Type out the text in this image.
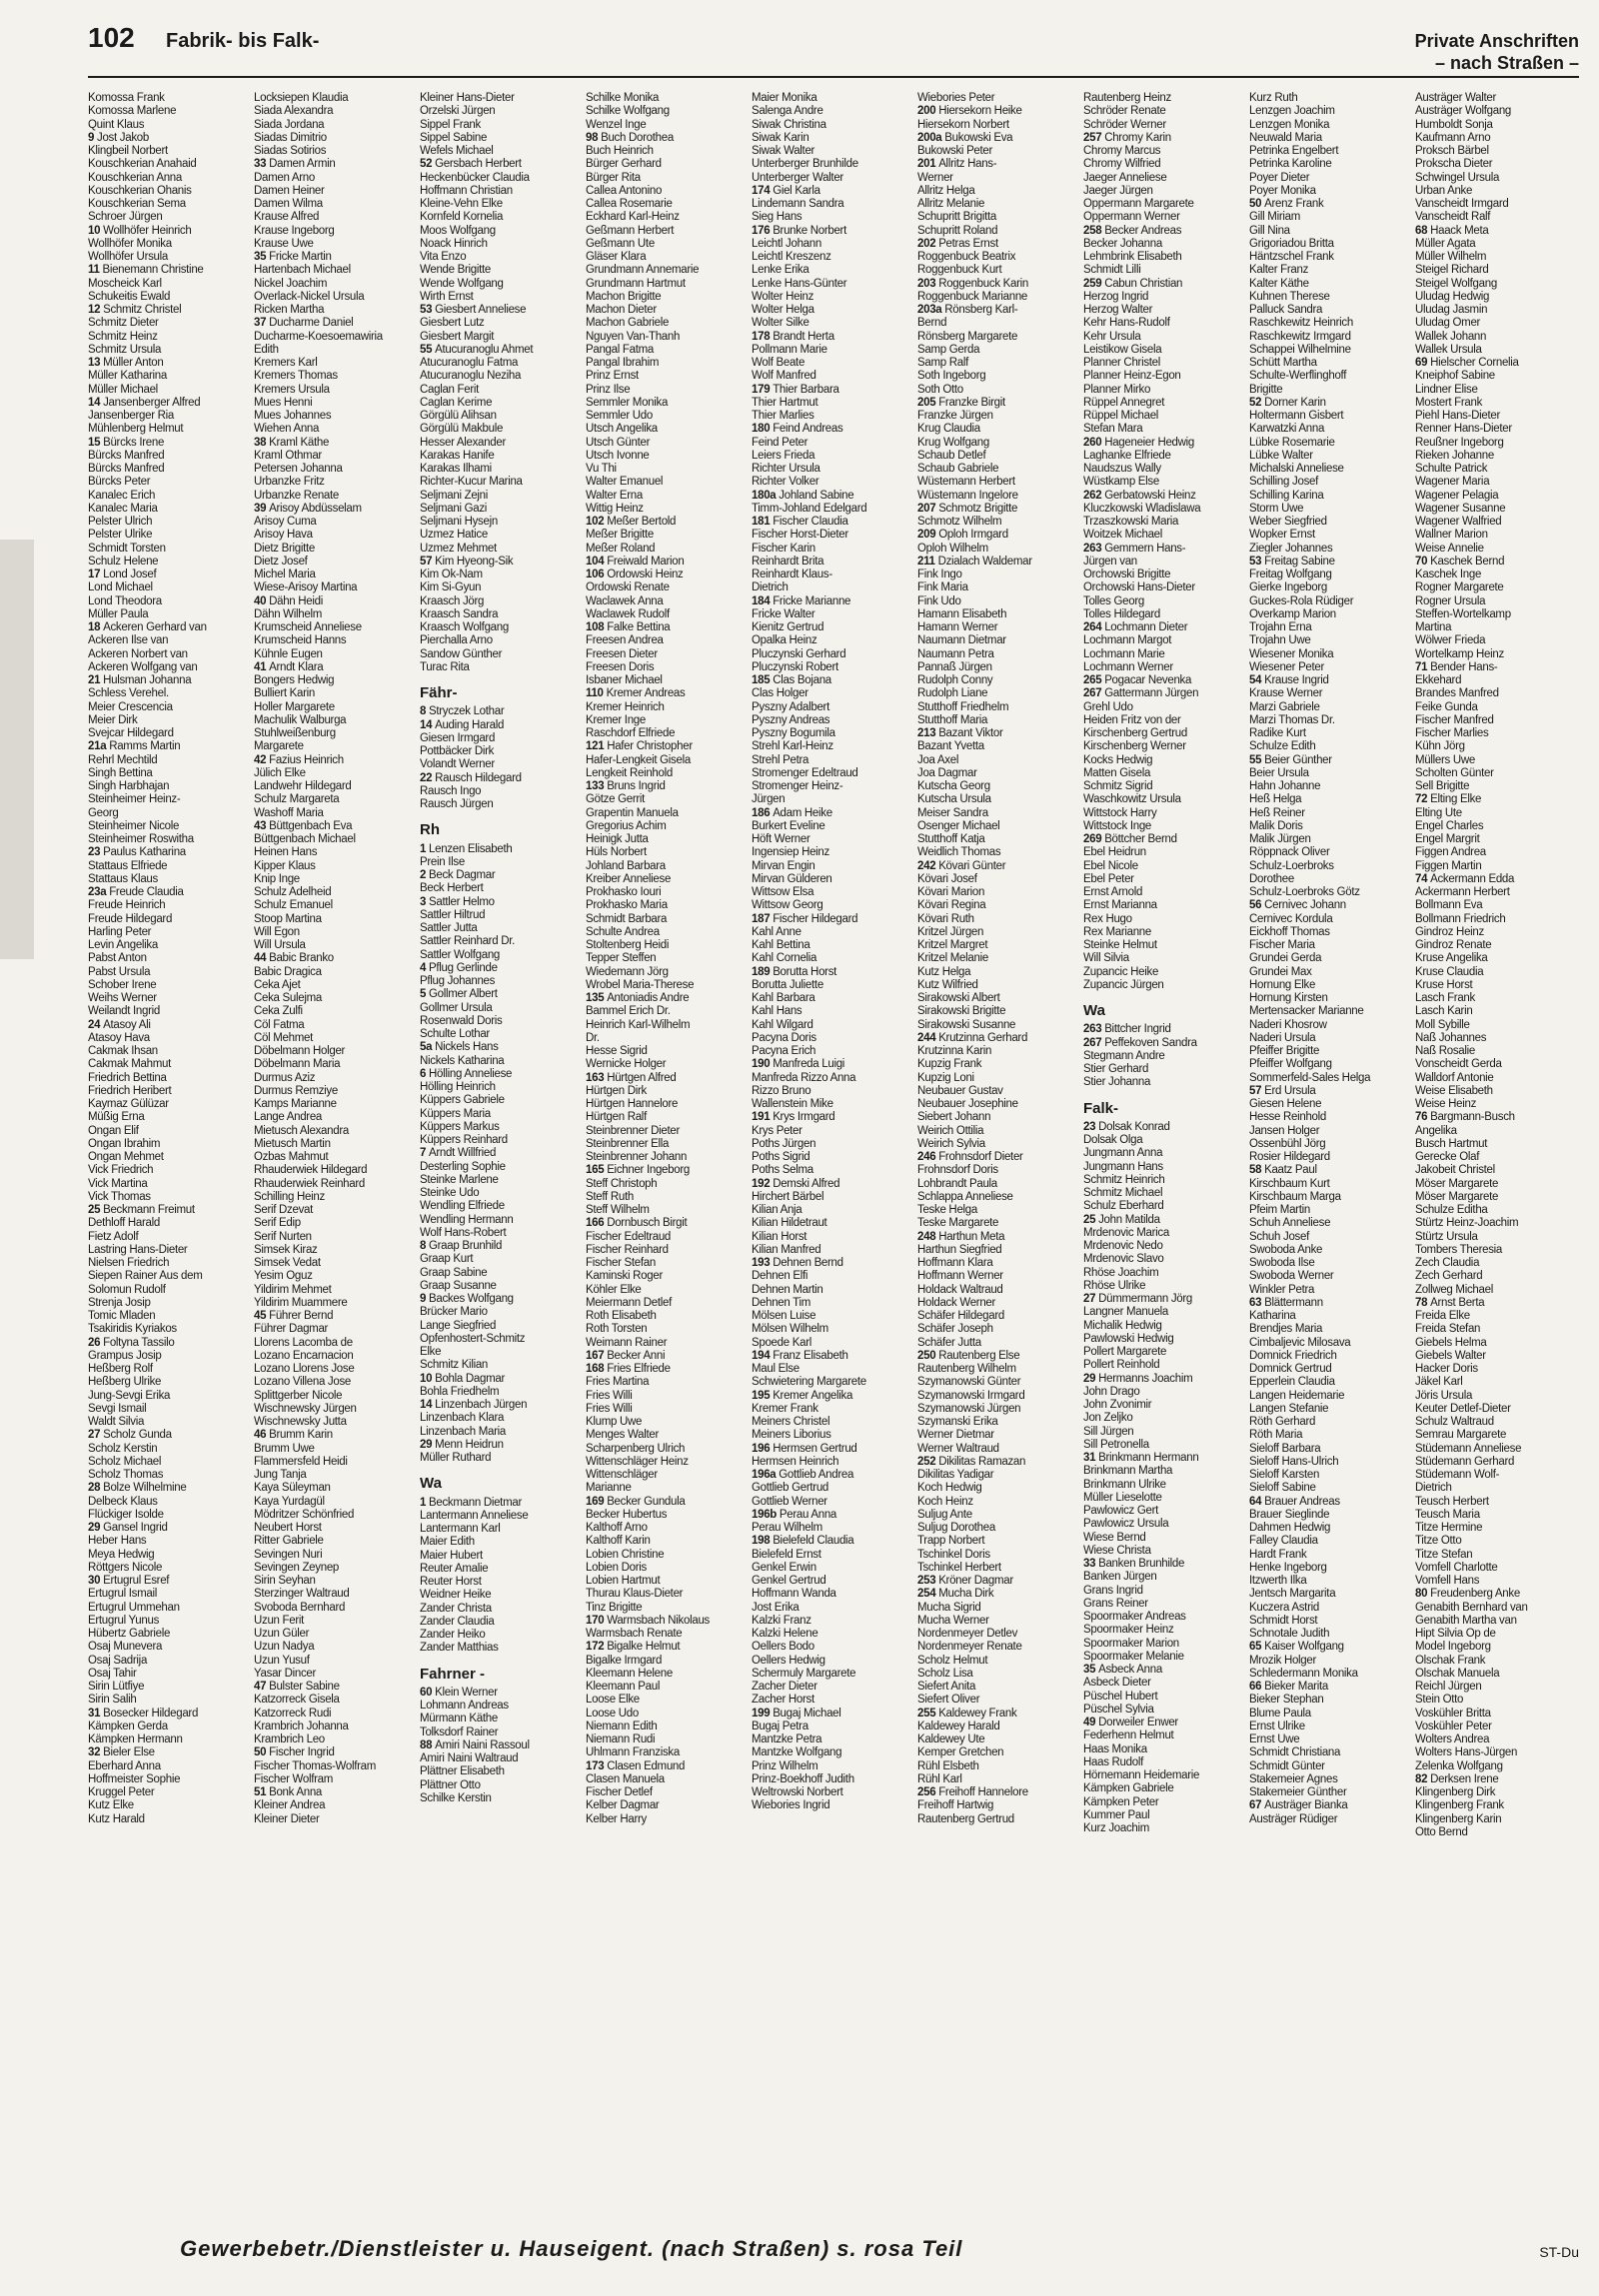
102 Fabrik- bis Falk-	Private Anschriften
– nach Straßen –
Komossa Frank
Komossa Marlene
Quint Klaus
9 Jost Jakob
Klingbeil Norbert
Kouschkerian Anahaid
Kouschkerian Anna
Kouschkerian Ohanis
Kouschkerian Sema
Schroer Jürgen
10 Wollhöfer Heinrich
Wollhöfer Monika
Wollhöfer Ursula
11 Bienemann Christine
Moscheick Karl
Schukeitis Ewald
12 Schmitz Christel
Schmitz Dieter
Schmitz Heinz
Schmitz Ursula
13 Müller Anton
Müller Katharina
Müller Michael
14 Jansenberger Alfred
Jansenberger Ria
Mühlenberg Helmut
15 Bürcks Irene
Bürcks Manfred
Bürcks Manfred
Bürcks Peter
Kanalec Erich
Kanalec Maria
Pelster Ulrich
Pelster Ulrike
Schmidt Torsten
Schulz Helene
17 Lond Josef
Lond Michael
Lond Theodora
Müller Paula
18 Ackeren Gerhard van
Ackeren Ilse van
Ackeren Norbert van
Ackeren Wolfgang van
21 Hulsman Johanna
Schless Verehel.
Meier Crescencia
Meier Dirk
Svejcar Hildegard
21a Ramms Martin
Rehrl Mechtild
Singh Bettina
Singh Harbhajan
Steinheimer Heinz-
Georg
Steinheimer Nicole
Steinheimer Roswitha
23 Paulus Katharina
Stattaus Elfriede
Stattaus Klaus
23a Freude Claudia
Freude Heinrich
Freude Hildegard
Harling Peter
Levin Angelika
Pabst Anton
Pabst Ursula
Schober Irene
Weihs Werner
Weilandt Ingrid
24 Atasoy Ali
Atasoy Hava
Cakmak Ihsan
Cakmak Mahmut
Friedrich Bettina
Friedrich Heribert
Kaymaz Gülüzar
Müßig Erna
Ongan Elif
Ongan Ibrahim
Ongan Mehmet
Vick Friedrich
Vick Martina
Vick Thomas
25 Beckmann Freimut
Dethloff Harald
Fietz Adolf
Lastring Hans-Dieter
Nielsen Friedrich
Siepen Rainer Aus dem
Solomun Rudolf
Strenja Josip
Tomic Mladen
Tsakiridis Kyriakos
26 Foltyna Tassilo
Grampus Josip
Heßberg Rolf
Heßberg Ulrike
Jung-Sevgi Erika
Sevgi Ismail
Waldt Silvia
27 Scholz Gunda
Scholz Kerstin
Scholz Michael
Scholz Thomas
28 Bolze Wilhelmine
Delbeck Klaus
Flückiger Isolde
29 Gansel Ingrid
Heber Hans
Meya Hedwig
Röttgers Nicole
30 Ertugrul Esref
Ertugrul Ismail
Ertugrul Ümmehan
Ertugrul Yunus
Hübertz Gabriele
Osaj Munevera
Osaj Sadrija
Osaj Tahir
Sirin Lütfiye
Sirin Salih
31 Bosecker Hildegard
Kämpken Gerda
Kämpken Hermann
32 Bieler Else
Eberhard Anna
Hoffmeister Sophie
Kruggel Peter
Kutz Elke
Kutz Harald
Locksiepen Klaudia
Siada Alexandra
Siada Jordana
Siadas Dimitrio
Siadas Sotirios
33 Damen Armin
Damen Arno
Damen Heiner
Damen Wilma
Krause Alfred
Krause Ingeborg
Krause Uwe
35 Fricke Martin
Hartenbach Michael
Nickel Joachim
Overlack-Nickel Ursula
Ricken Martha
37 Ducharme Daniel
Ducharme-Koesoemawiria
Edith
Kremers Karl
Kremers Thomas
Kremers Ursula
Mues Henni
Mues Johannes
Wiehen Anna
38 Kraml Käthe
Kraml Othmar
Petersen Johanna
Urbanzke Fritz
Urbanzke Renate
39 Arisoy Abdüsselam
Arisoy Cuma
Arisoy Hava
Dietz Brigitte
Dietz Josef
Michel Maria
Wiese-Arisoy Martina
40 Dähn Heidi
Dähn Wilhelm
Krumscheid Anneliese
Krumscheid Hanns
Kühnle Eugen
41 Arndt Klara
Bongers Hedwig
Bulliert Karin
Holler Margarete
Machulik Walburga
Stuhlweißenburg
Margarete
42 Fazius Heinrich
Jülich Elke
Landwehr Hildegard
Schulz Margareta
Washoff Maria
43 Büttgenbach Eva
Büttgenbach Michael
Heinen Hans
Kipper Klaus
Knip Inge
Schulz Adelheid
Schulz Emanuel
Stoop Martina
Will Egon
Will Ursula
44 Babic Branko
Babic Dragica
Ceka Ajet
Ceka Sulejma
Ceka Zulfi
Cöl Fatma
Cöl Mehmet
Döbelmann Holger
Döbelmann Maria
Durmus Aziz
Durmus Remziye
Kamps Marianne
Lange Andrea
Mietusch Alexandra
Mietusch Martin
Özbas Mahmut
Rhauderwiek Hildegard
Rhauderwiek Reinhard
Schilling Heinz
Serif Dzevat
Serif Edip
Serif Nurten
Simsek Kiraz
Simsek Vedat
Yesim Oguz
Yildirim Mehmet
Yildirim Muammere
45 Führer Bernd
Führer Dagmar
Llorens Lacomba de
Lozano Encarnacion
Lozano Llorens Jose
Lozano Villena Jose
Splittgerber Nicole
Wischnewsky Jürgen
Wischnewsky Jutta
46 Brumm Karin
Brumm Uwe
Flammersfeld Heidi
Jung Tanja
Kaya Süleyman
Kaya Yurdagül
Mödritzer Schönfried
Neubert Horst
Ritter Gabriele
Sevingen Nuri
Sevingen Zeynep
Sirin Seyhan
Sterzinger Waltraud
Svoboda Bernhard
Uzun Ferit
Uzun Güler
Uzun Nadya
Uzun Yusuf
Yasar Dincer
47 Bulster Sabine
Katzorreck Gisela
Katzorreck Rudi
Krambrich Johanna
Krambrich Leo
50 Fischer Ingrid
Fischer Thomas-Wolfram
Fischer Wolfram
51 Bonk Anna
Kleiner Andrea
Kleiner Dieter
Kleiner Hans-Dieter
Orzelski Jürgen
Sippel Frank
Sippel Sabine
Wefels Michael
52 Gersbach Herbert
Heckenbücker Claudia
Hoffmann Christian
Kleine-Vehn Elke
Kornfeld Kornelia
Moos Wolfgang
Noack Hinrich
Vita Enzo
Wende Brigitte
Wende Wolfgang
Wirth Ernst
53 Giesbert Anneliese
Giesbert Lutz
Giesbert Margit
55 Atucuranoglu Ahmet
Atucuranoglu Fatma
Atucuranoglu Neziha
Caglan Ferit
Caglan Kerime
Görgülü Alihsan
Görgülü Makbule
Hesser Alexander
Karakas Hanife
Karakas Ilhami
Richter-Kucur Marina
Seljmani Zejni
Seljmani Gazi
Seljmani Hysejn
Üzmez Hatice
Üzmez Mehmet
57 Kim Hyeong-Sik
Kim Ok-Nam
Kim Si-Gyun
Kraasch Jörg
Kraasch Sandra
Kraasch Wolfgang
Pierchalla Arno
Sandow Günther
Turac Rita
Fähr-
8 Stryczek Lothar
14 Auding Harald
Giesen Irmgard
Pottbäcker Dirk
Volandt Werner
22 Rausch Hildegard
Rausch Ingo
Rausch Jürgen
Rh
1 Lenzen Elisabeth
Prein Ilse
2 Beck Dagmar
Beck Herbert
3 Sattler Helmo
Sattler Hiltrud
Sattler Jutta
Sattler Reinhard Dr.
Sattler Wolfgang
4 Pflug Gerlinde
Pflug Johannes
5 Gollmer Albert
Gollmer Ursula
Rosenwald Doris
Schulte Lothar
5a Nickels Hans
Nickels Katharina
6 Hölling Anneliese
Hölling Heinrich
Küppers Gabriele
Küppers Maria
Küppers Markus
Küppers Reinhard
7 Arndt Willfried
Desterling Sophie
Steinke Marlene
Steinke Udo
Wendling Elfriede
Wendling Hermann
Wolf Hans-Robert
8 Graap Brunhild
Graap Kurt
Graap Sabine
Graap Susanne
9 Backes Wolfgang
Brücker Mario
Lange Siegfried
Opfenhostert-Schmitz
Elke
Schmitz Kilian
10 Bohla Dagmar
Bohla Friedhelm
14 Linzenbach Jürgen
Linzenbach Klara
Linzenbach Maria
29 Menn Heidrun
Müller Ruthard
Wa
1 Beckmann Dietmar
Lantermann Anneliese
Lantermann Karl
Maier Edith
Maier Hubert
Reuter Amalie
Reuter Horst
Weidner Heike
Zander Christa
Zander Claudia
Zander Heiko
Zander Matthias
Fahrner -
60 Klein Werner
Lohmann Andreas
Mürmann Käthe
Tolksdorf Rainer
88 Amiri Naini Rassoul
Amiri Naini Waltraud
Plättner Elisabeth
Plättner Otto
Schilke Kerstin
Schilke Monika
Schilke Wolfgang
Wenzel Inge
98 Buch Dorothea
Buch Heinrich
Bürger Gerhard
Bürger Rita
Callea Antonino
Callea Rosemarie
Eckhard Karl-Heinz
Geßmann Herbert
Geßmann Ute
Gläser Klara
Grundmann Annemarie
Grundmann Hartmut
Machon Brigitte
Machon Dieter
Machon Gabriele
Nguyen Van-Thanh
Pangal Fatma
Pangal Ibrahim
Prinz Ernst
Prinz Ilse
Semmler Monika
Semmler Udo
Utsch Angelika
Utsch Günter
Utsch Ivonne
Vu Thi
Walter Emanuel
Walter Erna
Wittig Heinz
102 Meßer Bertold
Meßer Brigitte
Meßer Roland
104 Freiwald Marion
106 Ordowski Heinz
Ordowski Renate
Waclawek Anna
Waclawek Rudolf
108 Falke Bettina
Freesen Andrea
Freesen Dieter
Freesen Doris
Isbaner Michael
110 Kremer Andreas
Kremer Heinrich
Kremer Inge
Raschdorf Elfriede
121 Hafer Christopher
Hafer-Lengkeit Gisela
Lengkeit Reinhold
133 Bruns Ingrid
Götze Gerrit
Grapentin Manuela
Gregorius Achim
Heinigk Jutta
Hüls Norbert
Johland Barbara
Kreiber Anneliese
Prokhasko Iouri
Prokhasko Maria
Schmidt Barbara
Schulte Andrea
Stoltenberg Heidi
Tepper Steffen
Wiedemann Jörg
Wrobel Maria-Therese
135 Antoniadis Andre
Bammel Erich Dr.
Heinrich Karl-Wilhelm
Dr.
Hesse Sigrid
Wernicke Holger
163 Hürtgen Alfred
Hürtgen Dirk
Hürtgen Hannelore
Hürtgen Ralf
Steinbrenner Dieter
Steinbrenner Ella
Steinbrenner Johann
165 Eichner Ingeborg
Steff Christoph
Steff Ruth
Steff Wilhelm
166 Dornbusch Birgit
Fischer Edeltraud
Fischer Reinhard
Fischer Stefan
Kaminski Roger
Köhler Elke
Meiermann Detlef
Roth Elisabeth
Roth Torsten
Weimann Rainer
167 Becker Anni
168 Fries Elfriede
Fries Martina
Fries Willi
Fries Willi
Klump Uwe
Menges Walter
Scharpenberg Ulrich
Wittenschläger Heinz
Wittenschläger
Marianne
169 Becker Gundula
Becker Hubertus
Kalthoff Arno
Kalthoff Karin
Lobien Christine
Lobien Doris
Lobien Hartmut
Thurau Klaus-Dieter
Tinz Brigitte
170 Warmsbach Nikolaus
Warmsbach Renate
172 Bigalke Helmut
Bigalke Irmgard
Kleemann Helene
Kleemann Paul
Loose Elke
Loose Udo
Niemann Edith
Niemann Rudi
Uhlmann Franziska
173 Clasen Edmund
Clasen Manuela
Fischer Detlef
Kelber Dagmar
Kelber Harry
Maier Monika
Salenga Andre
Siwak Christina
Siwak Karin
Siwak Walter
Unterberger Brunhilde
Unterberger Walter
174 Giel Karla
Lindemann Sandra
Sieg Hans
176 Brunke Norbert
Leichtl Johann
Leichtl Kreszenz
Lenke Erika
Lenke Hans-Günter
Wolter Heinz
Wolter Helga
Wolter Silke
178 Brandt Herta
Pollmann Marie
Wolf Beate
Wolf Manfred
179 Thier Barbara
Thier Hartmut
Thier Marlies
180 Feind Andreas
Feind Peter
Leiers Frieda
Richter Ursula
Richter Volker
180a Johland Sabine
Timm-Johland Edelgard
181 Fischer Claudia
Fischer Horst-Dieter
Fischer Karin
Reinhardt Brita
Reinhardt Klaus-
Dietrich
184 Fricke Marianne
Fricke Walter
Kienitz Gertrud
Opalka Heinz
Pluczynski Gerhard
Pluczynski Robert
185 Clas Bojana
Clas Holger
Pyszny Adalbert
Pyszny Andreas
Pyszny Bogumila
Strehl Karl-Heinz
Strehl Petra
Stromenger Edeltraud
Stromenger Heinz-
Jürgen
186 Adam Heike
Burkert Eveline
Höft Werner
Ingensiep Heinz
Mirvan Engin
Mirvan Gülderen
Wittsow Elsa
Wittsow Georg
187 Fischer Hildegard
Kahl Anne
Kahl Bettina
Kahl Cornelia
189 Borutta Horst
Borutta Juliette
Kahl Barbara
Kahl Hans
Kahl Wilgard
Pacyna Doris
Pacyna Erich
190 Manfreda Luigi
Manfreda Rizzo Anna
Rizzo Bruno
Wallenstein Mike
191 Krys Irmgard
Krys Peter
Poths Jürgen
Poths Sigrid
Poths Selma
192 Demski Alfred
Hirchert Bärbel
Kilian Anja
Kilian Hildetraut
Kilian Horst
Kilian Manfred
193 Dehnen Bernd
Dehnen Elfi
Dehnen Martin
Dehnen Tim
Mölsen Luise
Mölsen Wilhelm
Spoede Karl
194 Franz Elisabeth
Maul Else
Schwietering Margarete
195 Kremer Angelika
Kremer Frank
Meiners Christel
Meiners Liborius
196 Hermsen Gertrud
Hermsen Heinrich
196a Gottlieb Andrea
Gottlieb Gertrud
Gottlieb Werner
196b Perau Anna
Perau Wilhelm
198 Bielefeld Claudia
Bielefeld Ernst
Genkel Erwin
Genkel Gertrud
Hoffmann Wanda
Jost Erika
Kalzki Franz
Kalzki Helene
Oellers Bodo
Oellers Hedwig
Schermuly Margarete
Zacher Dieter
Zacher Horst
199 Bugaj Michael
Bugaj Petra
Mantzke Petra
Mantzke Wolfgang
Prinz Wilhelm
Prinz-Boekhoff Judith
Weltrowski Norbert
Wiebories Ingrid
Wiebories Peter
200 Hiersekorn Heike
Hiersekorn Norbert
200a Bukowski Eva
Bukowski Peter
201 Allritz Hans-
Werner
Allritz Helga
Allritz Melanie
Schupritt Brigitta
Schupritt Roland
202 Petras Ernst
Roggenbuck Beatrix
Roggenbuck Kurt
203 Roggenbuck Karin
Roggenbuck Marianne
203a Rönsberg Karl-
Bernd
Rönsberg Margarete
Samp Gerda
Samp Ralf
Soth Ingeborg
Soth Otto
205 Franzke Birgit
Franzke Jürgen
Krug Claudia
Krug Wolfgang
Schaub Detlef
Schaub Gabriele
Wüstemann Herbert
Wüstemann Ingelore
207 Schmotz Brigitte
Schmotz Wilhelm
209 Oploh Irmgard
Oploh Wilhelm
211 Dzialach Waldemar
Fink Ingo
Fink Maria
Fink Udo
Hamann Elisabeth
Hamann Werner
Naumann Dietmar
Naumann Petra
Pannaß Jürgen
Rudolph Conny
Rudolph Liane
Stutthoff Friedhelm
Stutthoff Maria
213 Bazant Viktor
Bazant Yvetta
Joa Axel
Joa Dagmar
Kutscha Georg
Kutscha Ursula
Meiser Sandra
Osenger Michael
Stutthoff Katja
Weidlich Thomas
242 Kövari Günter
Kövari Josef
Kövari Marion
Kövari Regina
Kövari Ruth
Kritzel Jürgen
Kritzel Margret
Kritzel Melanie
Kutz Helga
Kutz Wilfried
Sirakowski Albert
Sirakowski Brigitte
Sirakowski Susanne
244 Krutzinna Gerhard
Krutzinna Karin
Kupzig Frank
Kupzig Loni
Neubauer Gustav
Neubauer Josephine
Siebert Johann
Weirich Ottilia
Weirich Sylvia
246 Frohnsdorf Dieter
Frohnsdorf Doris
Lohbrandt Paula
Schlappa Anneliese
Teske Helga
Teske Margarete
248 Harthun Meta
Harthun Siegfried
Hoffmann Klara
Hoffmann Werner
Holdack Waltraud
Holdack Werner
Schäfer Hildegard
Schäfer Joseph
Schäfer Jutta
250 Rautenberg Else
Rautenberg Wilhelm
Szymanowski Günter
Szymanowski Irmgard
Szymanowski Jürgen
Szymanski Erika
Werner Dietmar
Werner Waltraud
252 Dikilitas Ramazan
Dikilitas Yadigar
Koch Hedwig
Koch Heinz
Suljug Ante
Suljug Dorothea
Trapp Norbert
Tschinkel Doris
Tschinkel Herbert
253 Kröner Dagmar
254 Mucha Dirk
Mucha Sigrid
Mucha Werner
Nordenmeyer Detlev
Nordenmeyer Renate
Scholz Helmut
Scholz Lisa
Siefert Anita
Siefert Oliver
255 Kaldewey Frank
Kaldewey Harald
Kaldewey Ute
Kemper Gretchen
Rühl Elsbeth
Rühl Karl
256 Freihoff Hannelore
Freihoff Hartwig
Rautenberg Gertrud
Rautenberg Heinz
Schröder Renate
Schröder Werner
257 Chromy Karin
Chromy Marcus
Chromy Wilfried
Jaeger Anneliese
Jaeger Jürgen
Oppermann Margarete
Oppermann Werner
258 Becker Andreas
Becker Johanna
Lehmbrink Elisabeth
Schmidt Lilli
259 Cabun Christian
Herzog Ingrid
Herzog Walter
Kehr Hans-Rudolf
Kehr Ursula
Leistikow Gisela
Planner Christel
Planner Heinz-Egon
Planner Mirko
Rüppel Annegret
Rüppel Michael
Stefan Mara
260 Hageneier Hedwig
Laghanke Elfriede
Naudszus Wally
Wüstkamp Else
262 Gerbatowski Heinz
Kluczkowski Wladislawa
Trzaszkowski Maria
Woitzek Michael
263 Gemmern Hans-
Jürgen van
Orchowski Brigitte
Orchowski Hans-Dieter
Tolles Georg
Tolles Hildegard
264 Lochmann Dieter
Lochmann Margot
Lochmann Marie
Lochmann Werner
265 Pogacar Nevenka
267 Gattermann Jürgen
Grehl Udo
Heiden Fritz von der
Kirschenberg Gertrud
Kirschenberg Werner
Kocks Hedwig
Matten Gisela
Schmitz Sigrid
Waschkowitz Ursula
Wittstock Harry
Wittstock Inge
269 Böttcher Bernd
Ebel Heidrun
Ebel Nicole
Ebel Peter
Ernst Arnold
Ernst Marianna
Rex Hugo
Rex Marianne
Steinke Helmut
Will Silvia
Zupancic Heike
Zupancic Jürgen
Wa
263 Bittcher Ingrid
267 Peffekoven Sandra
Stegmann Andre
Stier Gerhard
Stier Johanna
Falk-
23 Dolsak Konrad
Dolsak Olga
Jungmann Anna
Jungmann Hans
Schmitz Heinrich
Schmitz Michael
Schulz Eberhard
25 John Matilda
Mrdenovic Marica
Mrdenovic Nedo
Mrdenovic Slavo
Rhöse Joachim
Rhöse Ulrike
27 Dümmermann Jörg
Langner Manuela
Michalik Hedwig
Pawlowski Hedwig
Pollert Margarete
Pollert Reinhold
29 Hermanns Joachim
John Drago
John Zvonimir
Jon Zeljko
Sill Jürgen
Sill Petronella
31 Brinkmann Hermann
Brinkmann Martha
Brinkmann Ulrike
Müller Lieselotte
Pawlowicz Gert
Pawlowicz Ursula
Wiese Bernd
Wiese Christa
33 Banken Brunhilde
Banken Jürgen
Grans Ingrid
Grans Reiner
Spoormaker Andreas
Spoormaker Heinz
Spoormaker Marion
Spoormaker Melanie
35 Asbeck Anna
Asbeck Dieter
Püschel Hubert
Püschel Sylvia
49 Dorweiler Enwer
Federhenn Helmut
Haas Monika
Haas Rudolf
Hörnemann Heidemarie
Kämpken Gabriele
Kämpken Peter
Kummer Paul
Kurz Joachim
Kurz Ruth
Lenzgen Joachim
Lenzgen Monika
Neuwald Maria
Petrinka Engelbert
Petrinka Karoline
Poyer Dieter
Poyer Monika
50 Arenz Frank
Gill Miriam
Gill Nina
Grigoriadou Britta
Häntzschel Frank
Kalter Franz
Kalter Käthe
Kuhnen Therese
Palluck Sandra
Raschkewitz Heinrich
Raschkewitz Irmgard
Schappei Wilhelmine
Schütt Martha
Schulte-Werflinghoff
Brigitte
52 Dorner Karin
Holtermann Gisbert
Karwatzki Anna
Lübke Rosemarie
Lübke Walter
Michalski Anneliese
Schilling Josef
Schilling Karina
Storm Uwe
Weber Siegfried
Wopker Ernst
Ziegler Johannes
53 Freitag Sabine
Freitag Wolfgang
Gierke Ingeborg
Guckes-Rola Rüdiger
Overkamp Marion
Trojahn Erna
Trojahn Uwe
Wiesener Monika
Wiesener Peter
54 Krause Ingrid
Krause Werner
Marzi Gabriele
Marzi Thomas Dr.
Radike Kurt
Schulze Edith
55 Beier Günther
Beier Ursula
Hahn Johanne
Heß Helga
Heß Reiner
Malik Doris
Malik Jürgen
Röppnack Oliver
Schulz-Loerbroks
Dorothee
Schulz-Loerbroks Götz
56 Cernivec Johann
Cernivec Kordula
Eickhoff Thomas
Fischer Maria
Grundei Gerda
Grundei Max
Hornung Elke
Hornung Kirsten
Mertensacker Marianne
Naderi Khosrow
Naderi Ursula
Pfeiffer Brigitte
Pfeiffer Wolfgang
Sommerfeld-Sales Helga
57 Erd Ursula
Giesen Helene
Hesse Reinhold
Jansen Holger
Ossenbühl Jörg
Rosier Hildegard
58 Kaatz Paul
Kirschbaum Kurt
Kirschbaum Marga
Pfeim Martin
Schuh Anneliese
Schuh Josef
Swoboda Anke
Swoboda Ilse
Swoboda Werner
Winkler Petra
63 Blättermann
Katharina
Brendjes Maria
Cimbaljevic Milosava
Domnick Friedrich
Domnick Gertrud
Epperlein Claudia
Langen Heidemarie
Langen Stefanie
Röth Gerhard
Röth Maria
Sieloff Barbara
Sieloff Hans-Ulrich
Sieloff Karsten
Sieloff Sabine
64 Brauer Andreas
Brauer Sieglinde
Dahmen Hedwig
Falley Claudia
Hardt Frank
Henke Ingeborg
Itzwerth Ilka
Jentsch Margarita
Kuczera Astrid
Schmidt Horst
Schnotale Judith
65 Kaiser Wolfgang
Mrozik Holger
Schledermann Monika
66 Bieker Marita
Bieker Stephan
Blume Paula
Ernst Ulrike
Ernst Uwe
Schmidt Christiana
Schmidt Günter
Stakemeier Agnes
Stakemeier Günther
67 Austräger Bianka
Austräger Rüdiger
Austräger Walter
Austräger Wolfgang
Humboldt Sonja
Kaufmann Arno
Proksch Bärbel
Prokscha Dieter
Schwingel Ursula
Urban Anke
Vanscheidt Irmgard
Vanscheidt Ralf
68 Haack Meta
Müller Agata
Müller Wilhelm
Steigel Richard
Steigel Wolfgang
Uludag Hedwig
Uludag Jasmin
Uludag Ömer
Wallek Johann
Wallek Ursula
69 Hielscher Cornelia
Kneiphof Sabine
Lindner Elise
Mostert Frank
Piehl Hans-Dieter
Renner Hans-Dieter
Reußner Ingeborg
Rieken Johanne
Schulte Patrick
Wagener Maria
Wagener Pelagia
Wagener Susanne
Wagener Walfried
Wallner Marion
Weise Annelie
70 Kaschek Bernd
Kaschek Inge
Rogner Margarete
Rogner Ursula
Steffen-Wortelkamp
Martina
Wölwer Frieda
Wortelkamp Heinz
71 Bender Hans-
Ekkehard
Brandes Manfred
Feike Gunda
Fischer Manfred
Fischer Marlies
Kühn Jörg
Müllers Uwe
Scholten Günter
Sell Brigitte
72 Elting Elke
Elting Ute
Engel Charles
Engel Margrit
Figgen Andrea
Figgen Martin
74 Ackermann Edda
Ackermann Herbert
Bollmann Eva
Bollmann Friedrich
Gindroz Heinz
Gindroz Renate
Kruse Angelika
Kruse Claudia
Kruse Horst
Lasch Frank
Lasch Karin
Moll Sybille
Naß Johannes
Naß Rosalie
Vonscheidt Gerda
Walldorf Antonie
Weise Elisabeth
Weise Heinz
76 Bargmann-Busch
Angelika
Busch Hartmut
Gerecke Olaf
Jakobeit Christel
Möser Margarete
Möser Margarete
Schulze Editha
Stürtz Heinz-Joachim
Stürtz Ursula
Tombers Theresia
Zech Claudia
Zech Gerhard
Zollweg Michael
78 Arnst Berta
Freida Elke
Freida Stefan
Giebels Helma
Giebels Walter
Hacker Doris
Jäkel Karl
Jöris Ursula
Keuter Detlef-Dieter
Schulz Waltraud
Semrau Margarete
Stüdemann Anneliese
Stüdemann Gerhard
Stüdemann Wolf-
Dietrich
Teusch Herbert
Teusch Maria
Titze Hermine
Titze Otto
Titze Stefan
Vomfell Charlotte
Vomfell Hans
80 Freudenberg Anke
Genabith Bernhard van
Genabith Martha van
Hipt Silvia Op de
Model Ingeborg
Olschak Frank
Olschak Manuela
Reichl Jürgen
Stein Otto
Voskühler Britta
Voskühler Peter
Wolters Andrea
Wolters Hans-Jürgen
Zelenka Wolfgang
82 Derksen Irene
Klingenberg Dirk
Klingenberg Frank
Klingenberg Karin
Otto Bernd
Gewerbebetr./Dienstleister u. Hauseigent. (nach Straßen) s. rosa Teil	ST-Du
